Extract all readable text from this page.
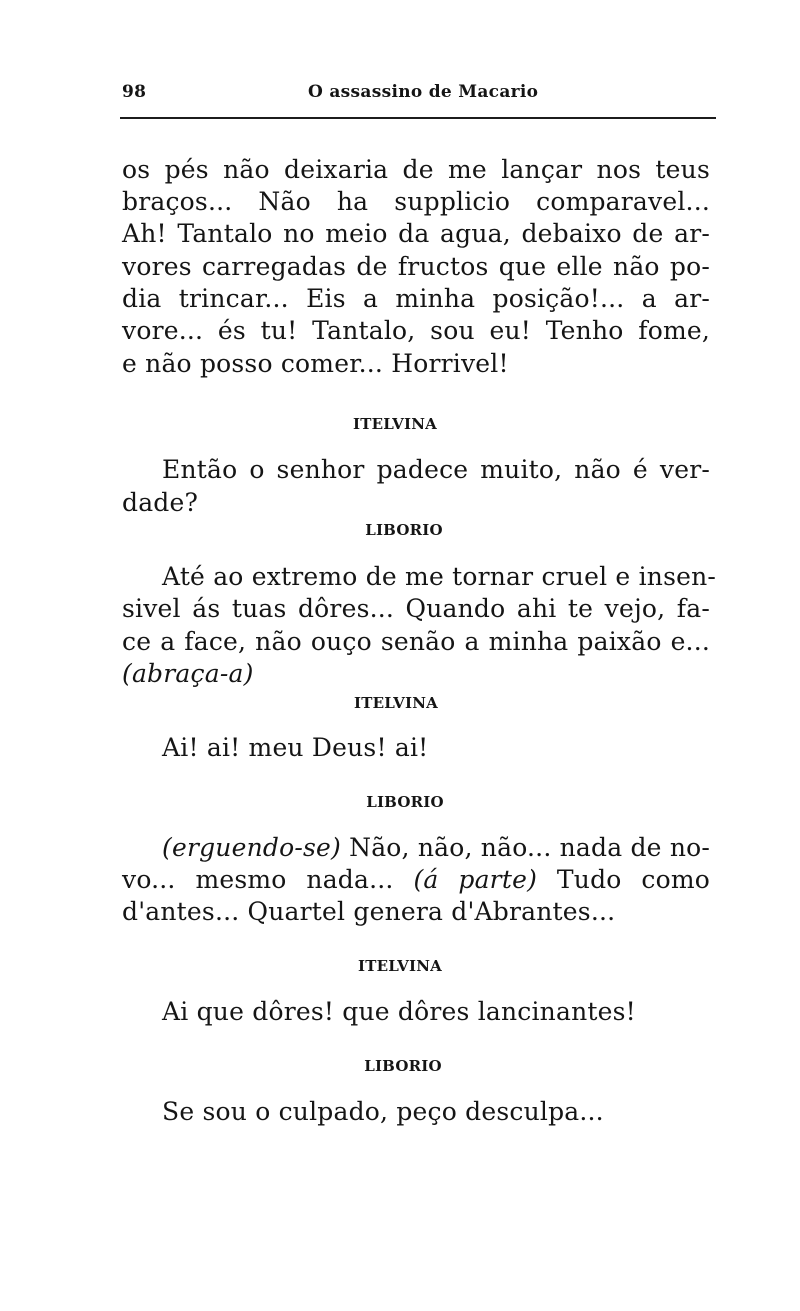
98	O assassino de Macario
os pés não deixaria de me lançar nos teus
braços... Não ha supplicio comparavel...
Ah! Tantalo no meio da agua, debaixo de ar-
vores carregadas de fructos que elle não po-
dia trincar... Eis a minha posição!... a ar-
vore... és tu! Tantalo, sou eu! Tenho fome,
e não posso comer... Horrivel!
ITELVINA
Então o senhor padece muito, não é ver-
dade?
LIBORIO
Até ao extremo de me tornar cruel e insen-
sivel ás tuas dôres... Quando ahi te vejo, fa-
ce a face, não ouço senão a minha paixão e...
(abraça-a)
ITELVINA
Ai! ai! meu Deus! ai!
LIBORIO
(erguendo-se) Não, não, não... nada de no-
vo... mesmo nada... (á parte) Tudo como
d'antes... Quartel genera d'Abrantes...
ITELVINA
Ai que dôres! que dôres lancinantes!
LIBORIO
Se sou o culpado, peço desculpa...
